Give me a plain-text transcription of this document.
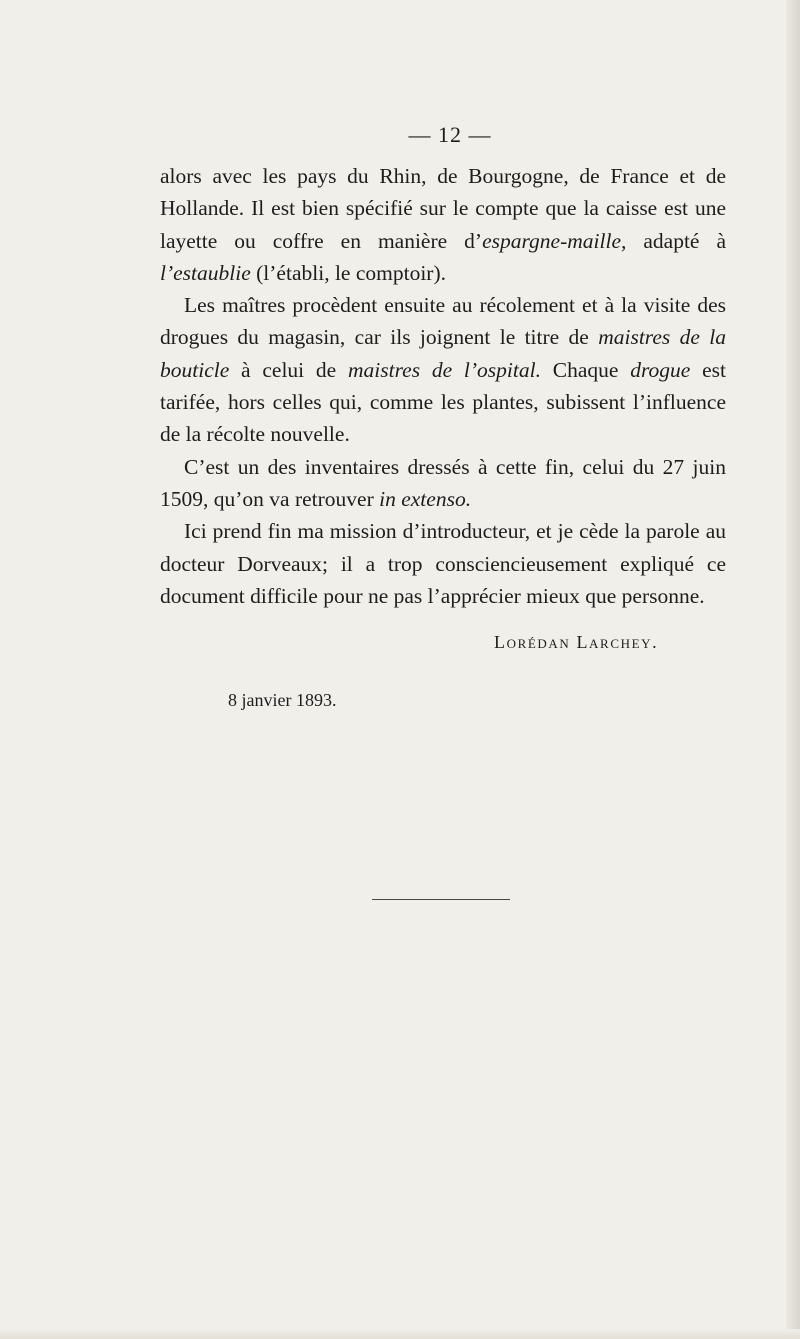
— 12 —

alors avec les pays du Rhin, de Bourgogne, de France et de Hollande. Il est bien spécifié sur le compte que la caisse est une layette ou coffre en manière d’espargne-maille, adapté à l’estaublie (l’établi, le comptoir).

Les maîtres procèdent ensuite au récolement et à la visite des drogues du magasin, car ils joignent le titre de maistres de la bouticle à celui de maistres de l’ospital. Chaque drogue est tarifée, hors celles qui, comme les plantes, subissent l’influence de la récolte nouvelle.

C’est un des inventaires dressés à cette fin, celui du 27 juin 1509, qu’on va retrouver in extenso.

Ici prend fin ma mission d’introducteur, et je cède la parole au docteur Dorveaux; il a trop consciencieusement expliqué ce document difficile pour ne pas l’apprécier mieux que personne.

Lorédan Larchey.
8 janvier 1893.
